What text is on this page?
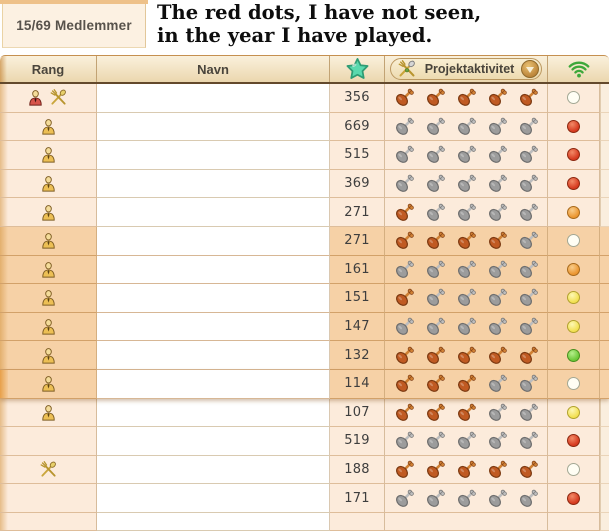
15/69 Medlemmer
The red dots, I have not seen,
in the year I have played.
Rang	Navn	Projektaktivitet
356
669
515
369
271
271
161
151
147
132
114
107
519
188
171
